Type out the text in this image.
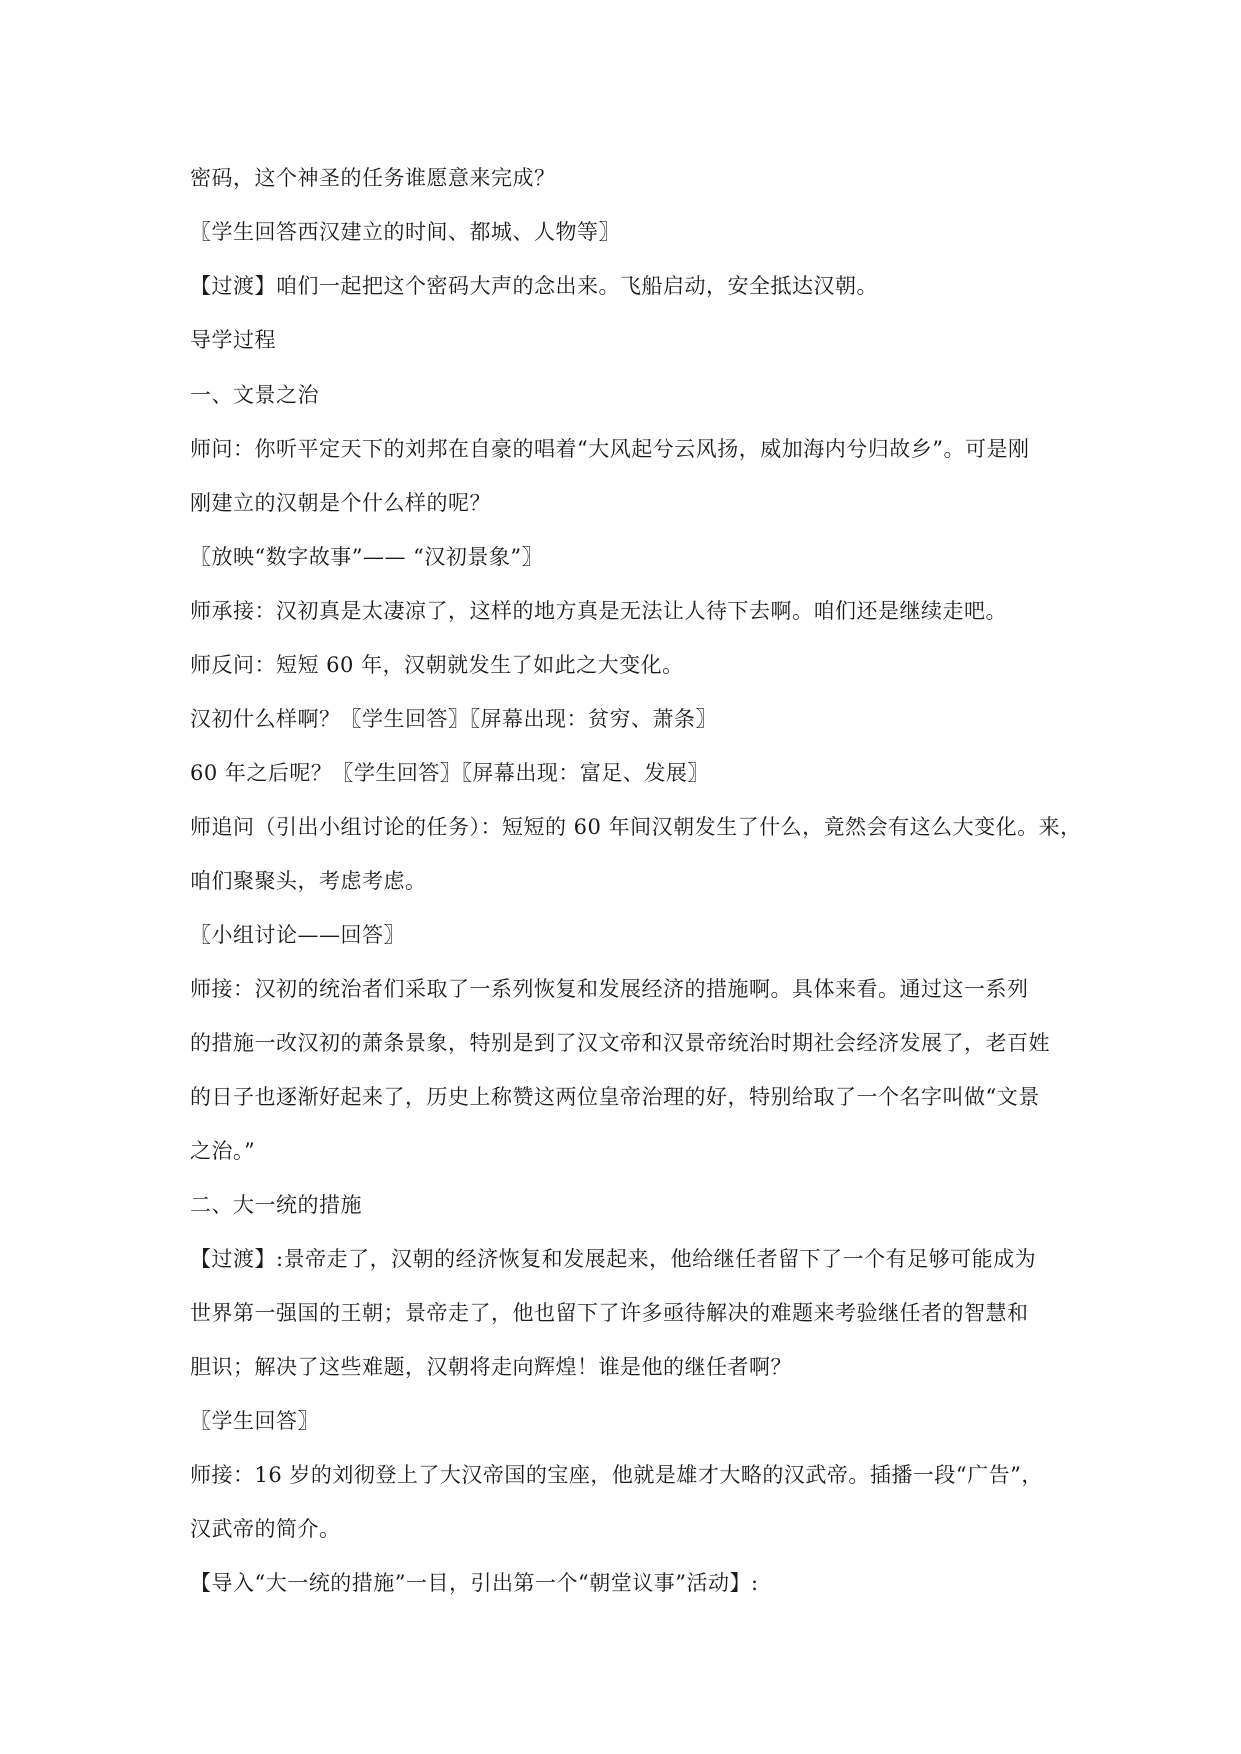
密码，这个神圣的任务谁愿意来完成？
〖学生回答西汉建立的时间、都城、人物等〗
【过渡】咱们一起把这个密码大声的念出来。飞船启动，安全抵达汉朝。
导学过程
一、文景之治
师问：你听平定天下的刘邦在自豪的唱着“大风起兮云风扬，威加海内兮归故乡”。可是刚
刚建立的汉朝是个什么样的呢？
〖放映“数字故事”—— “汉初景象”〗
师承接：汉初真是太凄凉了，这样的地方真是无法让人待下去啊。咱们还是继续走吧。
师反问：短短 60 年，汉朝就发生了如此之大变化。
汉初什么样啊？〖学生回答〗〖屏幕出现：贫穷、萧条〗
60 年之后呢？〖学生回答〗〖屏幕出现：富足、发展〗
师追问（引出小组讨论的任务）：短短的 60 年间汉朝发生了什么，竟然会有这么大变化。来，
咱们聚聚头，考虑考虑。
〖小组讨论——回答〗
师接：汉初的统治者们采取了一系列恢复和发展经济的措施啊。具体来看。通过这一系列
的措施一改汉初的萧条景象，特别是到了汉文帝和汉景帝统治时期社会经济发展了，老百姓
的日子也逐渐好起来了，历史上称赞这两位皇帝治理的好，特别给取了一个名字叫做“文景
之治。”
二、大一统的措施
【过渡】:景帝走了，汉朝的经济恢复和发展起来，他给继任者留下了一个有足够可能成为
世界第一强国的王朝；景帝走了，他也留下了许多亟待解决的难题来考验继任者的智慧和
胆识；解决了这些难题，汉朝将走向辉煌！谁是他的继任者啊？
〖学生回答〗
师接：16 岁的刘彻登上了大汉帝国的宝座，他就是雄才大略的汉武帝。插播一段“广告”，
汉武帝的简介。
【导入“大一统的措施”一目，引出第一个“朝堂议事”活动】:
